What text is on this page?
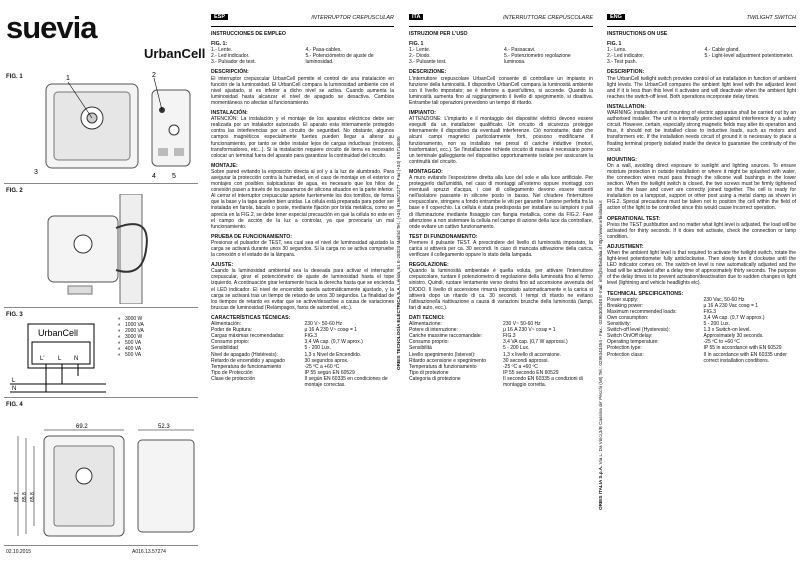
suevia
UrbanCell
FIG. 1	1	2
3
4 5
FIG. 2
FIG. 3
UrbanCell
L' L N
L
N
◐	3000 W
◐	1000 VA
◐	2000 VA
◐	3000 W
◐	500 VA
◐	400 VA
◐	500 VA
FIG. 4
69.2	52.3
88.7 85.8 65.8
02.10.2015	A016.13.57274
ORBIS TECNOLOGÍA ELÉCTRICA S.A. Lérida, 61 E-28020 Madrid Tel.: (+34) 915672277 - Fax:(+34) 915714006
ORBIS ITALIA S.p.A. Via L. Da Vinci,3/B Cassina de' Pecchi (MI) Tel.: 0295343454 - Fax.: 0295300348 E-mail: info@orbisitalia.it http://www.orbisitalia.it
ESP	INTERRUPTOR CREPUSCULAR
INSTRUCCIONES DE EMPLEO
FIG. 1:
1.- Lente.
2.- Led indicador.
3.- Pulsador de test.
4.- Pasa-cables.
5.- Potenciómetro de ajuste de luminosidad.
DESCRIPCIÓN:

El interruptor crepuscular UrbanCell permite el control de una instalación en función de la luminosidad. El UrbanCell compara la luminosidad ambiente con el nivel ajustado, si es inferior a dicho nivel se activa. Cuando aumenta la luminosidad hasta alcanzar el nivel de apagado se desactiva. Cambios momentáneos no afectan al funcionamiento.

INSTALACIÓN:

ATENCIÓN: La instalación y el montaje de los aparatos eléctricos debe ser realizada por un instalador autorizado. El aparato esta internamente protegido contra las interferencias por un circuito de seguridad. No obstante, algunos campos magnéticos especialmente fuertes pueden llegar a alterar su funcionamiento, por tanto se debe instalar lejos de cargas inductivas (motores, transformadores, etc...). Si la instalación requiere circuito de tierra es necesario colocar un terminal fuera del aparato para garantizar la continuidad del circuito.

MONTAJE:

Sobre pared evitando la exposición directa al sol y a la luz de alumbrado. Para asegurar la protección contra la humedad, en el caso de montaje en el exterior o montajes con posibles salpicaduras de agua, es necesario que los hilos de conexión pasen a través de los pasamuros de silicona situados en la parte inferior. Al cerrar el interruptor crepuscular apriete fuertemente los dos tornillos, de forma que la base y la tapa queden bien unidas. La célula está preparada para poder ser instalada en farola, báculo o poste, mediante fijación por brida metálica, como se aprecia en la FIG.2, se debe tener especial precaución en que la célula no este en el campo de acción de la luz a controlar, ya que provocaría un mal funcionamiento.

PRUEBA DE FUNCIONAMIENTO:

Presionar el pulsador de TEST, sea cual sea el nivel de luminosidad ajustado la carga se activará durante unos 30 segundos. Si la carga no se activa compruebe la conexión o el estado de la lámpara.

AJUSTE:

Cuando la luminosidad ambiental sea la deseada para activar el interruptor crepuscular, girar el potenciómetro de ajuste de luminosidad hasta el tope izquierdo. A continuación girar lentamente hacia la derecha hasta que se encienda el LED indicador. El nivel de encendido queda automáticamente ajustado, y la carga se activará tras un tiempo de retardo de unos 30 segundos. La finalidad de los tiempos de retardo es evitar que se active/desactive a causa de variaciones bruscas de luminosidad (Relámpagos, faros de automóvil, etc.).

CARACTERÍSTICAS TÉCNICAS:
Alimentación:	230 V~ 50-60 Hz
Poder de Ruptura:	μ 16 A 230 V~ cosφ = 1
Cargas máximas recomendadas:	FIG.3
Consumo propio:	3,4 VA cap. (0,7 W aprox.)
Sensibilidad	5 - 200 Lux.
Nivel de apagado (Histéresis):	1,3 x Nivel de Encendido.
Retardo de encendido y apagado	30 segundos aprox.
Temperatura de funcionamiento	-25 ºC a +60 ºC
Tipo de Protección	IP 55 según EN 60529
Clase de protección	II según EN 60335 en condiciones de montaje correctas.
ITA	INTERRUTTORE CREPUSCOLARE
ISTRUZIONI PER L'USO
FIG. 1
1.- Lente.
2.- Diodo.
3.- Pulsante test.
4.- Passacavi.
5.- Potenziometro regolazione luminosa.
DESCRIZIONE:

L'interruttore crepuscolare UrbanCell consente di controllare un impianto in funzione della luminosità. Il dispositivo UrbanCell compara la luminosità ambiente con il livello impostato; se è inferiore a quest'ultimo, si accende. Quando la luminosità aumenta fino al raggiungimento il livello di spegnimento, si disattiva. Entrambe tali operazioni prevedono un tempo di ritardo.

IMPIANTO:

ATTENZIONE: L'impianto e il montaggio dei dispositivi elettrici devono essere eseguiti da un installatore qualificato. Un circuito di sicurezza protegge internamente il dispositivo da eventuali interferenze. Ciò nonostante, dato che alcuni campi magnetici particolarmente forti, possono modificarne il funzionamento, non va installato nei pressi di cariche induttive (motori, trasformatori, ecc.). Se l'installazione richiede circuito di massa è necessario porre un terminale galleggiante nel dispositivo opportunamente isolate per assicurare la continuità del circuito.

MONTAGGIO:

A muro evitando l'esposizione diretta alla luce del sole e alla luce artificiale. Per proteggerlo dall'umidità, nel caso di montaggi all'esterno oppure montaggi con eventuali spruzzi d'acqua, i cavi di collegamento devono essere inseriti nell'isolatore passante in silicone posto in basso. Nel chiudere l'interruttore crepuscolare, stringere a fondo entrambe le viti per garantire l'unione perfetta fra la base e il coperchio. La cellula è stata predisposta per installare su lampioni o pali di illuminazione mediante fissaggio con flangia metallica, come da FIG.2. Fare attenzione a non sistemare la cellula nel campo di azione della luce da controllare, onde evitare un cattivo funzionamento.

TEST DI FUNZIONAMENTO:

Premere il pulsante TEST. A prescindere del livello di luminosità impostato, la carica si attiverà per ca. 30 secondi. In caso di mancata attivazione della carica, verificare il collegamento oppure lo stato della lampada.

REGOLAZIONE:

Quando la luminosità ambientale è quella voluta, per attivare l'interruttore crepuscolare, ruotare il potenziometro di regolazione della luminosità fino al fermo sinistro. Quindi, ruotare lentamente verso destra fino ad accensione avvenuta del DIODO. Il livello di accensione rimarrà impostato automaticamente e la carica si attiverà dopo un ritardo di ca. 30 secondi. I tempi di ritardo ne evitano l'attivazione/la riattivazione a causa di variazioni brusche della luminosità (lampi, fari di auto, ecc.).

DATI TECNICI:
Alimentazione:	230 V~ 50-60 Hz
Potere di interruzione:	μ 16 A 230 V~ cosφ = 1
Cariche massime raccomandate:	FIG.3
Consumo proprio:	3,4 VA cap. (0,7 W approssi.)
Sensibilità	5 - 200 Lux.
Livello spegnimento (Isteresi):	1,3 x livello di accensione.
Ritardo accensione e spegnimento	30 secondi approssi.
Temperatura di funzionamento	-25 ºC a +60 ºC
Tipo di protezione	IP 55 secondo EN 60529
Categoria di protezione	II secondo EN 60335 a condizioni di montaggio corretta.
ENG	TWILIGHT SWITCH
INSTRUCTIONS ON USE
FIG. 1
1.- Lens.
2.- Led indicator.
3.- Test push.
4.- Cable gland.
5.- Light-level adjustment potentiometer.
DESCRIPTION:

The UrbanCell twilight switch provides control of an installation in function of ambient light levels. The UrbanCell compares the ambient light level with the adjusted level and if it is less than this level it activates and will deactivate when the ambient light reaches the switch-off level. Both operations incorporate delay times.

INSTALLATION:

WARNING: installation and mounting of electric apparatus shall be carried out by an authorised installer. The unit is internally protected against interference by a safety circuit. However, certain, especially strong magnetic fields may alter its operation and thus, it should not be installed close to inductive loads, such as motors and transformers etc. If the installation needs circuit of ground it is necessary to place a floating terminal properly isolated inside the device to guarantee the continuity of the circuit.

MOUNTING:

On a wall, avoiding direct exposure to sunlight and lighting sources. To ensure moisture protection in outside installation or where it might be splashed with water, the connection wires must pass through the silicone wall bushings in the lower section. When the twilight switch is closed, the two screws must be firmly tightened so that the base and cover are correctly joined together. The cell is ready for installation on a lamppost, support or other post using a metal clamp as shown in FIG.2. Special precautions must be taken not to position the cell within the field of action of the light to be controlled since this would cause incorrect operation.

OPERATIONAL TEST:

Press the TEST pushbutton and no matter what light level is adjusted, the load will be activated for thirty seconds. If it does not activate, check the connection or lamp condition.

ADJUSTMENT:

When the ambient light level is that required to activate the twilight switch, rotate the light-level potentiometer fully anticlockwise. Then slowly turn it clockwise until the LED indicator comes on. The switch-on level is now automatically adjusted and the load will be activated after a delay time of approximately thirty seconds. The purpose of the delay times is to prevent activation/deactivation due to sudden changes in light level (lightning and vehicle headlights etc).

TECHNICAL SPECIFICATIONS:
Power supply:	230 Vac, 50-60 Hz
Breaking power:	μ 16 A 230 Vac cosφ = 1
Maximum recommended loads:	FIG.3
Own consumption:	3,4 VA cap. (0,7 W approx.)
Sensitivity:	5 - 200 Lux.
Switch-off level (Hysteresis):	1.3 x Switch-on level.
Switch On/Off delay:	Approximately 30 seconds.
Operating temperature:	-25 ºC to +60 ºC
Protection type:	IP 55 in accordance with EN 60529
Protection class:	II in accordance with EN 60335 under correct installation conditions.
